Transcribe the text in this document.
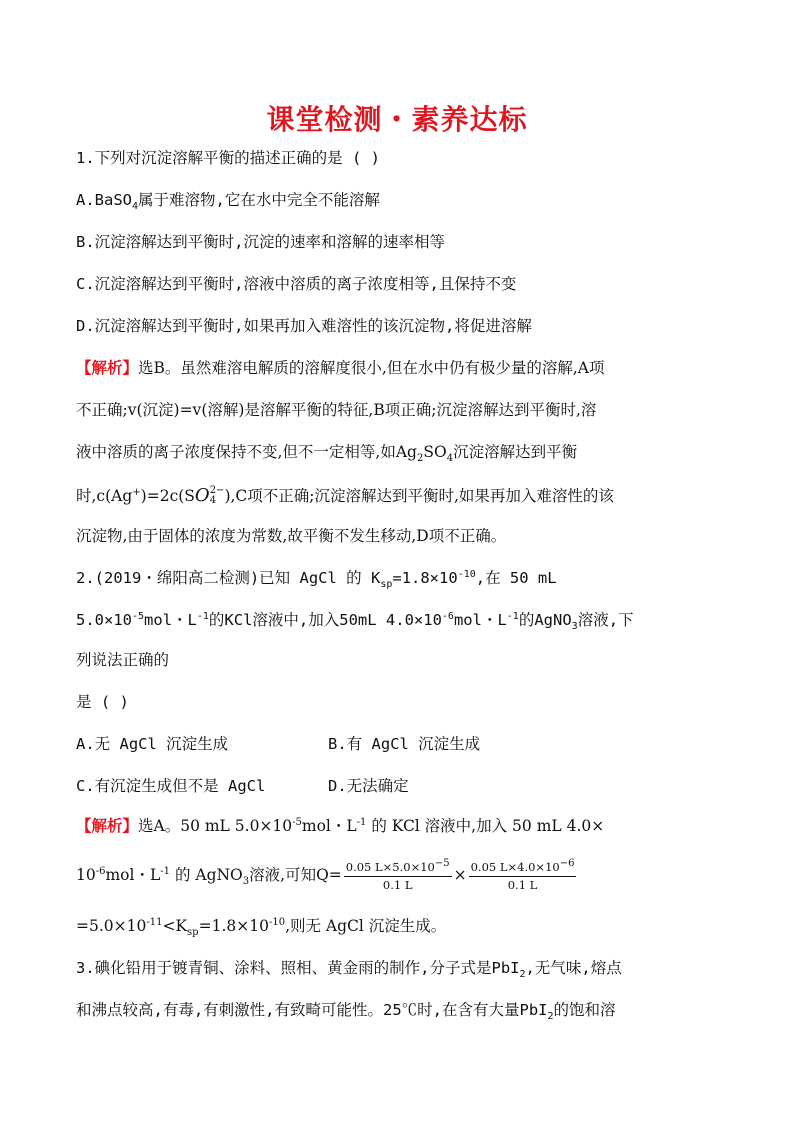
课堂检测・素养达标
1.下列对沉淀溶解平衡的描述正确的是 ( )
A.BaSO$_4$属于难溶物,它在水中完全不能溶解
B.沉淀溶解达到平衡时,沉淀的速率和溶解的速率相等
C.沉淀溶解达到平衡时,溶液中溶质的离子浓度相等,且保持不变
D.沉淀溶解达到平衡时,如果再加入难溶性的该沉淀物,将促进溶解
【解析】选B。虽然难溶电解质的溶解度很小,但在水中仍有极少量的溶解,A项
不正确;v(沉淀)=v(溶解)是溶解平衡的特征,B项正确;沉淀溶解达到平衡时,溶
液中溶质的离子浓度保持不变,但不一定相等,如$Ag_2SO_4$沉淀溶解达到平衡
时,c(Ag+)=2c(SO 2−
4 ),C项不正确;沉淀溶解达到平衡时,如果再加入难溶性的该
沉淀物,由于固体的浓度为常数,故平衡不发生移动,D项不正确。
2.(2019・绵阳高二检测)已知 AgCl 的 $K_{sp}=1.8\times 10^{-10}$,在 50 mL
$5.0\times 10^{-5}mol$・$L^{-1}$的KCl溶液中,加入50mL $4.0\times 10^{-6}mol$・$L^{-1}$的AgNO$_3$溶液,下
列说法正确的
是 ( )
A.无 AgCl 沉淀生成	B.有 AgCl 沉淀生成
C.有沉淀生成但不是 AgCl	D.无法确定
【解析】选A。50 mL $5.0\times 10^{-5}mol$・$L^{-1}$ 的 KCl 溶液中,加入 50 mL 4.0×
$10^{-6}mol$・$L^{-1}$ 的 AgNO$_3$溶液,可知$Q= \frac{0.05 L\times 5.0\times 10^{-5}}{0.1 L} \times \frac{0.05 L\times 4.0\times 10^{-6}}{0.1 L}$
$=5.0\times 10^{-11}<K_{sp}=1.8\times 10^{-10}$,则无 AgCl 沉淀生成。
3.碘化铅用于镀青铜、涂料、照相、黄金雨的制作,分子式是PbI$_2$,无气味,熔点
和沸点较高,有毒,有刺激性,有致畸可能性。25℃时,在含有大量PbI$_2$的饱和溶
